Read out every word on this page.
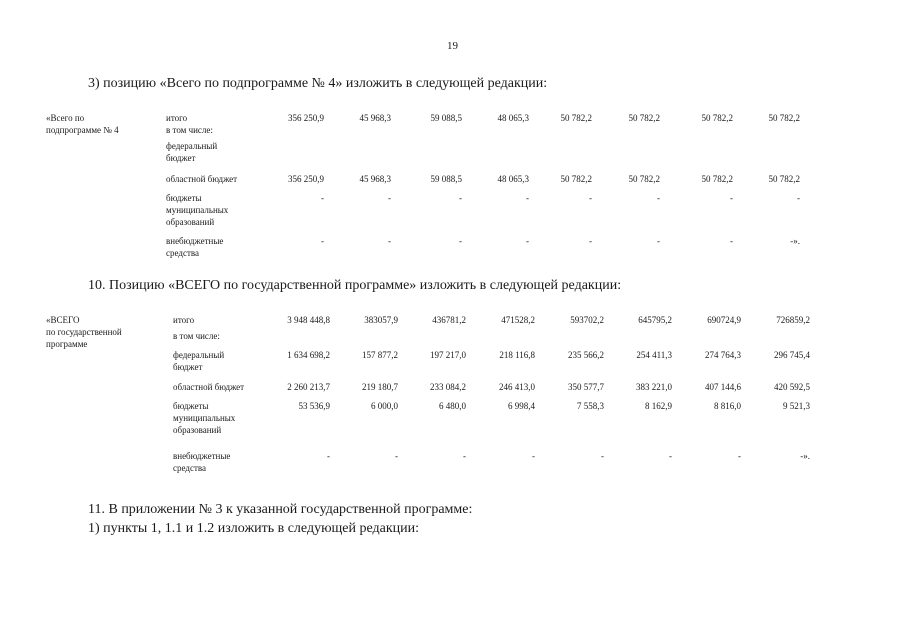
19
3) позицию «Всего по подпрограмме № 4» изложить в следующей редакции:
«Всего по
подпрограмме № 4
итого
в том числе:
356 250,9	45 968,3	59 088,5	48 065,3	50 782,2	50 782,2	50 782,2	50 782,2
федеральный
бюджет
областной бюджет	356 250,9	45 968,3	59 088,5	48 065,3	50 782,2	50 782,2	50 782,2	50 782,2
бюджеты
муниципальных
образований
-	-	-	-	-	-	-	-
внебюджетные
средства
-	-	-	-	-	-	-	-».
10. Позицию «ВСЕГО по государственной программе» изложить в следующей редакции:
«ВСЕГО
по государственной
программе
итого	3 948 448,8	383057,9	436781,2	471528,2	593702,2	645795,2	690724,9	726859,2
в том числе:
федеральный
бюджет
1 634 698,2	157 877,2	197 217,0	218 116,8	235 566,2	254 411,3	274 764,3	296 745,4
областной бюджет	2 260 213,7	219 180,7	233 084,2	246 413,0	350 577,7	383 221,0	407 144,6	420 592,5
бюджеты
муниципальных
образований
53 536,9	6 000,0	6 480,0	6 998,4	7 558,3	8 162,9	8 816,0	9 521,3
внебюджетные
средства
-	-	-	-	-	-	-	-».
11. В приложении № 3 к указанной государственной программе:
1) пункты 1, 1.1 и 1.2 изложить в следующей редакции:
